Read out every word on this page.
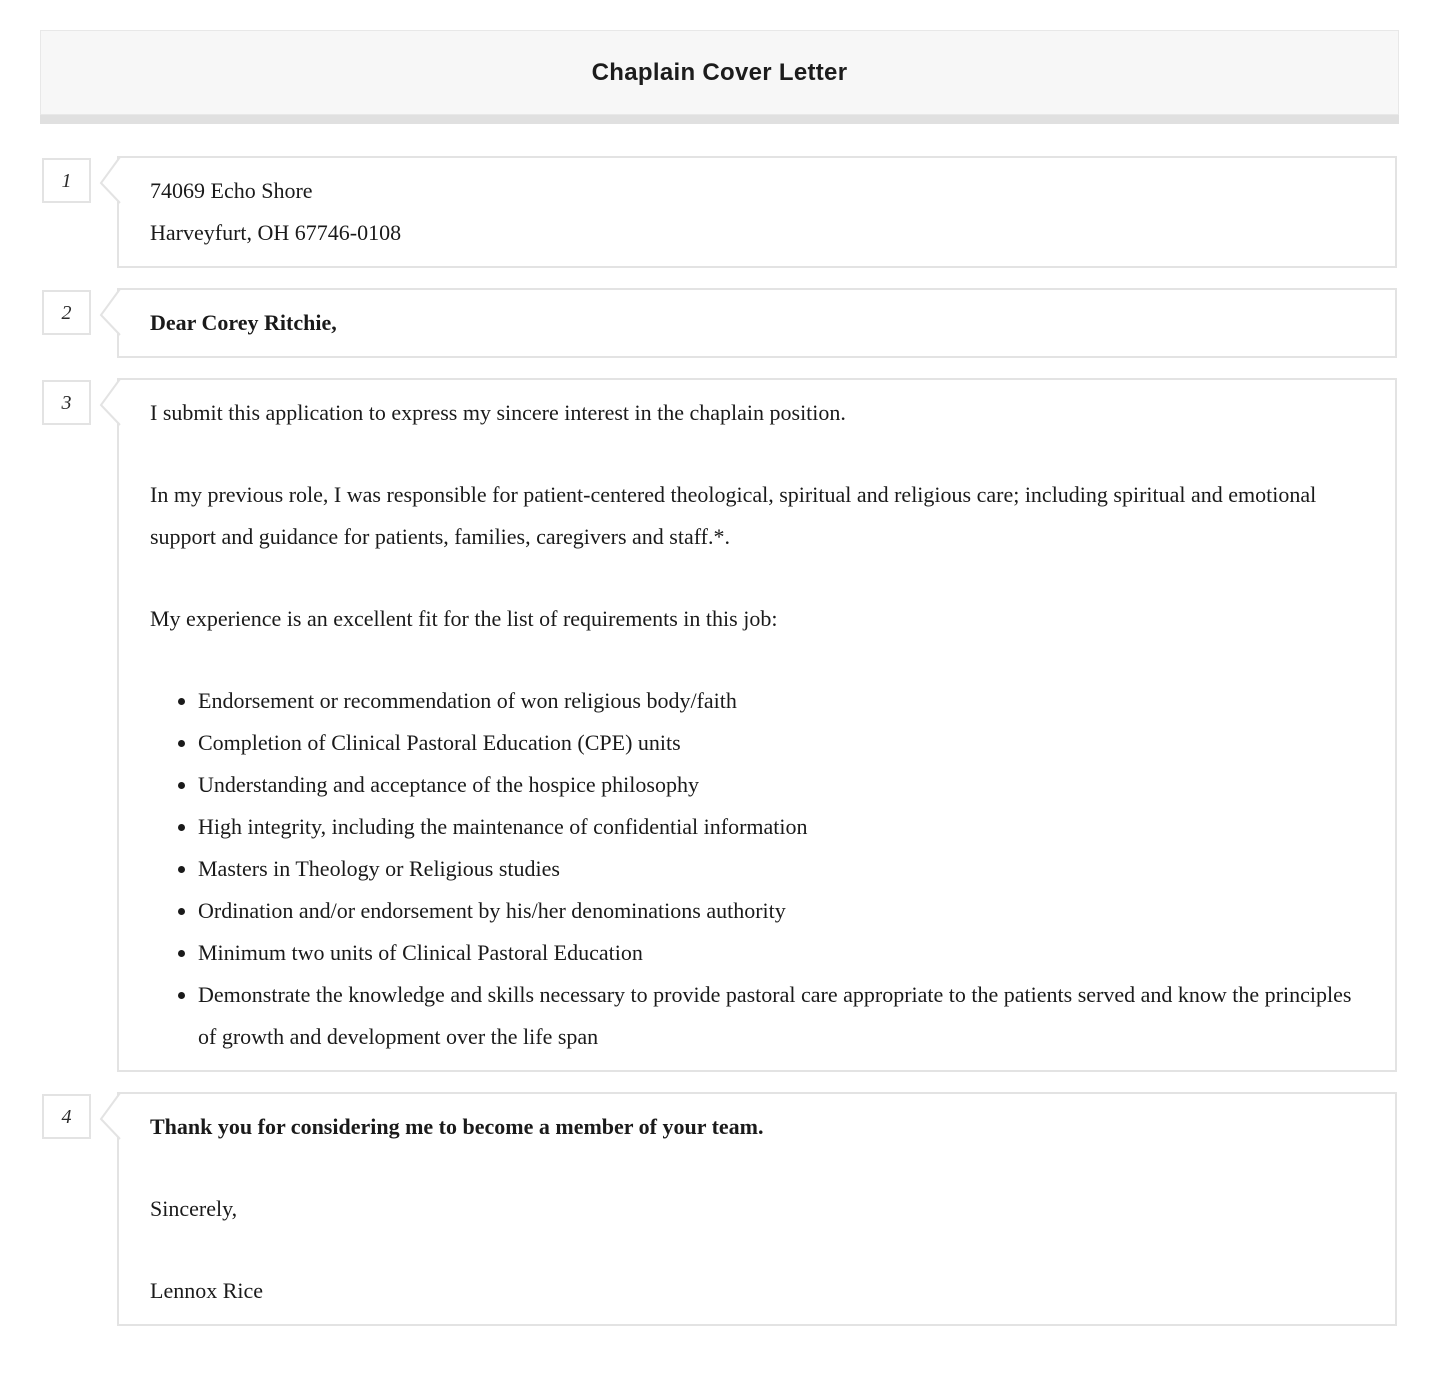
Chaplain Cover Letter
1	74069 Echo Shore
Harveyfurt, OH 67746-0108
2	Dear Corey Ritchie,

3	I submit this application to express my sincere interest in the chaplain position.

In my previous role, I was responsible for patient-centered theological, spiritual and religious care; including spiritual and emotional support and guidance for patients, families, caregivers and staff.*.

My experience is an excellent fit for the list of requirements in this job:

• Endorsement or recommendation of won religious body/faith
• Completion of Clinical Pastoral Education (CPE) units
• Understanding and acceptance of the hospice philosophy
• High integrity, including the maintenance of confidential information
• Masters in Theology or Religious studies
• Ordination and/or endorsement by his/her denominations authority
• Minimum two units of Clinical Pastoral Education
• Demonstrate the knowledge and skills necessary to provide pastoral care appropriate to the patients served and know the principles of growth and development over the life span
4	Thank you for considering me to become a member of your team.

Sincerely,

Lennox Rice
